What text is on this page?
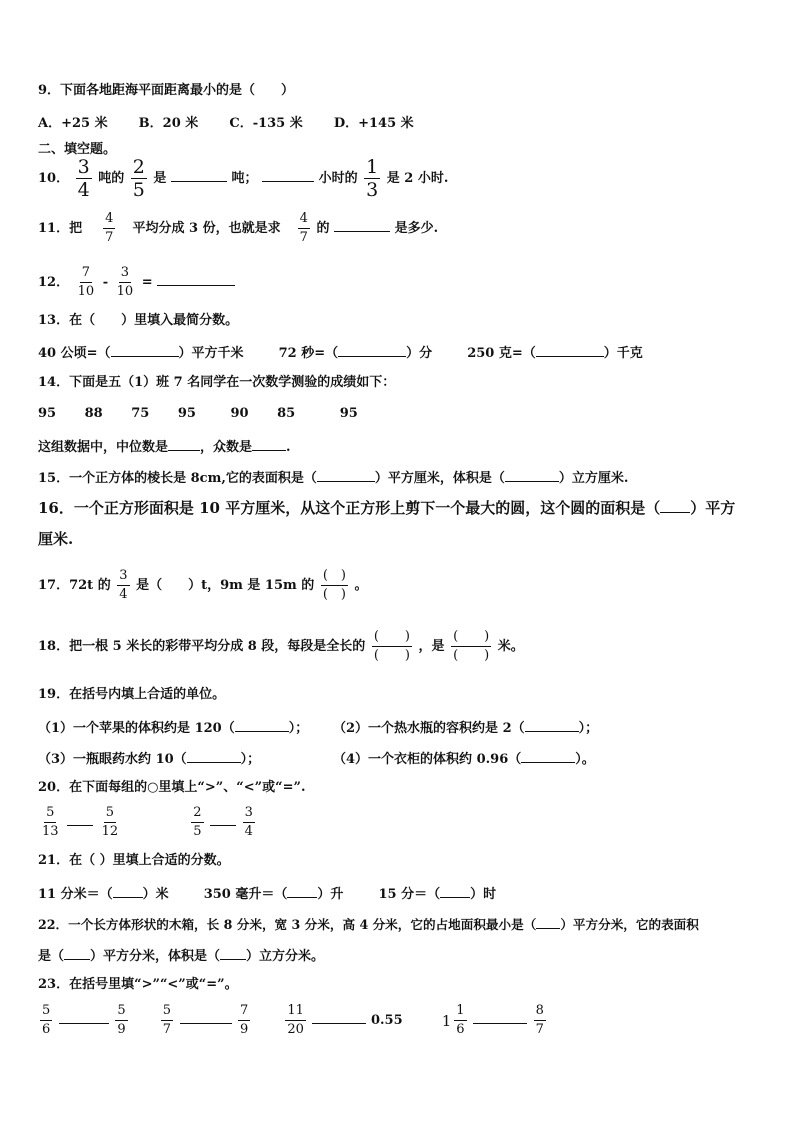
9．下面各地距海平面距离最小的是（　　）
A．+25 米 B．20 米 C．-135 米 D．+145 米
二、填空题。
10． $\frac{3}{4}$ 吨的 $\frac{2}{5}$ 是	吨；	小时的 $\frac{1}{3}$ 是 2 小时.
11．把 $\frac{4}{7}$ 平均分成 3 份，也就是求 $\frac{4}{7}$ 的	是多少.
12． $\frac{7}{10} - \frac{3}{10}$ =
13．在（　　）里填入最简分数。
40 公顷=（	）平方千米	72 秒=（	）分	250 克=（	）千克
14．下面是五（1）班 7 名同学在一次数学测验的成绩如下：
95 88 75 95	90 85	95
这组数据中，中位数是 ，众数是	.
15．一个正方体的棱长是 8cm,它的表面积是（	）平方厘米，体积是（	）立方厘米.
16．一个正方形面积是 10 平方厘米，从这个正方形上剪下一个最大的圆，这个圆的面积是（ ）平方
厘米.
17．72t 的 $\frac{3}{4}$ 是（　　）t，9m 是 15m 的 $\frac{( )}{( )}$ 。
18．把一根 5 米长的彩带平均分成 8 段，每段是全长的 $\frac{( )}{( )}$ ，是 $\frac{( )}{( )}$ 米。
19．在括号内填上合适的单位。
（1）一个苹果的体积约是 120（	）； （2）一个热水瓶的容积约是 2（	）；
（3）一瓶眼药水约 10（	）；	（4）一个衣柜的体积约 0.96（	）。
20．在下面每组的○里填上“>”、“<”或“=”.
$\frac{5}{13}$
	$\frac{5}{12}$
	$\frac{2}{5}$
	$\frac{3}{4}$
21．在（ ）里填上合适的分数。
11 分米＝（ ）米	350 毫升＝（ ）升	15 分＝（ ）时
22．一个长方体形状的木箱，长 8 分米，宽 3 分米，高 4 分米，它的占地面积最小是（ ）平方分米，它的表面积
是（ ）平方分米，体积是（ ）立方分米。
23．在括号里填“>”“<”或“=”。
$\frac{5}{6}$
	$\frac{5}{9}$
	$\frac{5}{7}$
	$\frac{7}{9}$
	$\frac{11}{20}$	0.55	$1 \frac{1}{6}$
	$\frac{8}{7}$
